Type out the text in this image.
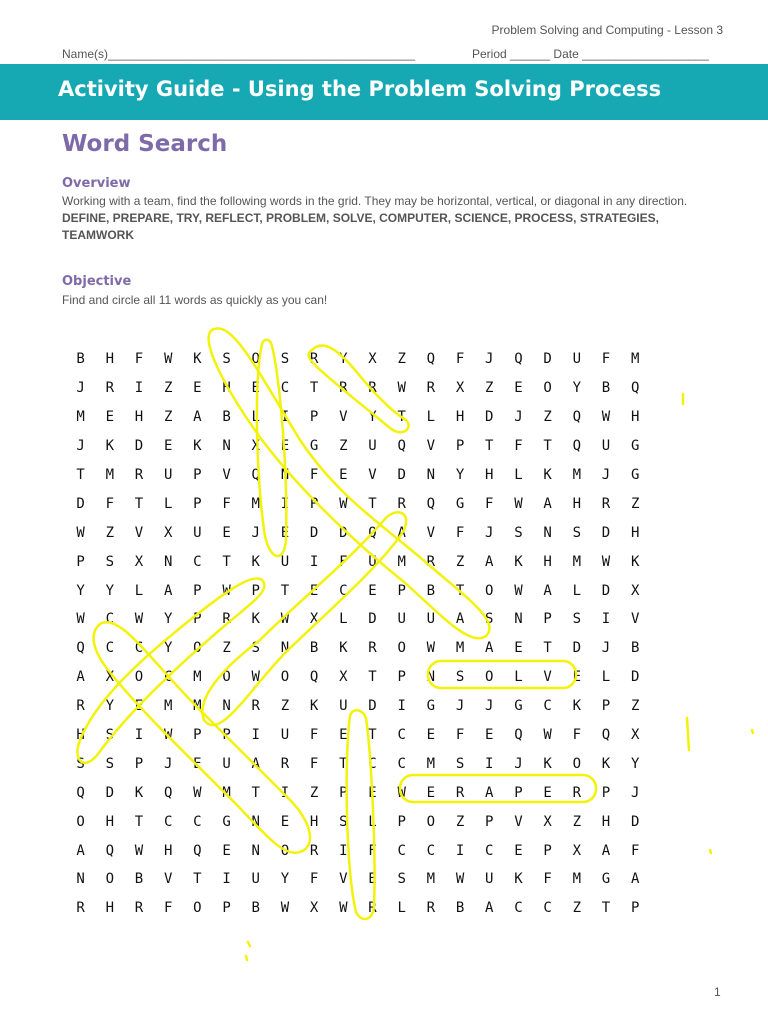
Problem Solving and Computing - Lesson 3
Name(s)______________________________________________	Period ______ Date ___________________
Activity Guide - Using the Problem Solving Process
Word Search
Overview
Working with a team, find the following words in the grid. They may be horizontal, vertical, or diagonal in any direction.
DEFINE, PREPARE, TRY, REFLECT, PROBLEM, SOLVE, COMPUTER, SCIENCE, PROCESS, STRATEGIES, TEAMWORK
Objective
Find and circle all 11 words as quickly as you can!
B	H	F	W	K	S	O	S	R	Y	X	Z	Q	F	J	Q	D	U	F	M
J	R	I	Z	E	H	E	C	T	R	R	W	R	X	Z	E	O	Y	B	Q
M	E	H	Z	A	B	L	I	P	V	Y	T	L	H	D	J	Z	Q	W	H
J	K	D	E	K	N	X	E	G	Z	U	Q	V	P	T	F	T	Q	U	G
T	M	R	U	P	V	Q	N	F	E	V	D	N	Y	H	L	K	M	J	G
D	F	T	L	P	F	M	I	P	W	T	R	Q	G	F	W	A	H	R	Z
W	Z	V	X	U	E	J	E	D	D	Q	A	V	F	J	S	N	S	D	H
P	S	X	N	C	T	K	U	I	F	U	M	R	Z	A	K	H	M	W	K
Y	Y	L	A	P	W	P	T	E	C	E	P	B	T	O	W	A	L	D	X
W	C	W	Y	P	R	K	W	X	L	D	U	U	A	S	N	P	S	I	V
Q	C	C	Y	O	Z	S	N	B	K	R	O	W	M	A	E	T	D	J	B
A	X	O	C	M	O	W	O	Q	X	T	P	N	S	O	L	V	E	L	D
R	Y	E	M	M	N	R	Z	K	U	D	I	G	J	J	G	C	K	P	Z
H	S	I	W	P	P	I	U	F	E	T	C	E	F	E	Q	W	F	Q	X
S	S	P	J	E	U	A	R	F	T	C	C	M	S	I	J	K	O	K	Y
Q	D	K	Q	W	M	T	I	Z	P	E	W	E	R	A	P	E	R	P	J
O	H	T	C	C	G	N	E	H	S	L	P	O	Z	P	V	X	Z	H	D
A	Q	W	H	Q	E	N	O	R	I	F	C	C	I	C	E	P	X	A	F
N	O	B	V	T	I	U	Y	F	V	E	S	M	W	U	K	F	M	G	A
R	H	R	F	O	P	B	W	X	W	R	L	R	B	A	C	C	Z	T	P
1
